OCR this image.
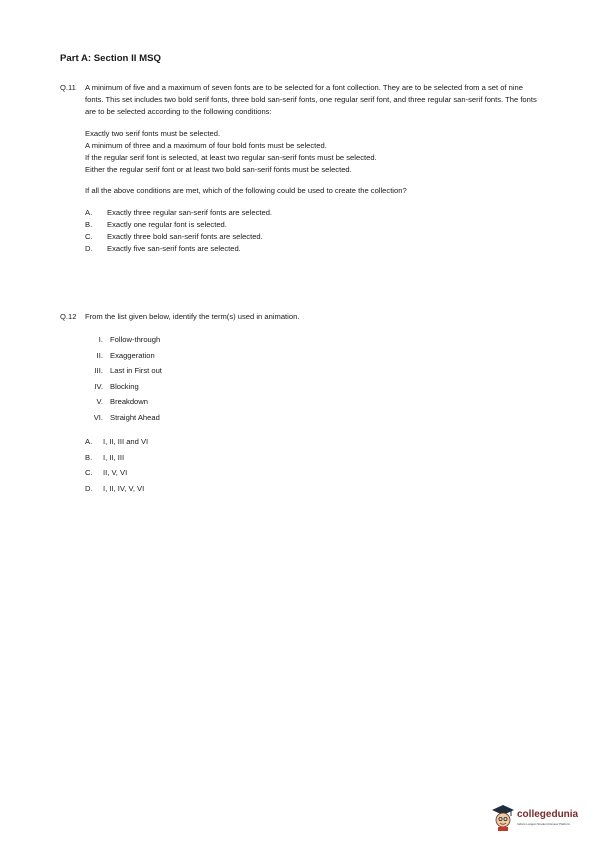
Part A: Section II MSQ
Q.11 A minimum of five and a maximum of seven fonts are to be selected for a font collection. They are to be selected from a set of nine fonts. This set includes two bold serif fonts, three bold san-serif fonts, one regular serif font, and three regular san-serif fonts. The fonts are to be selected according to the following conditions:

Exactly two serif fonts must be selected.

A minimum of three and a maximum of four bold fonts must be selected.

If the regular serif font is selected, at least two regular san-serif fonts must be selected.

Either the regular serif font or at least two bold san-serif fonts must be selected.

If all the above conditions are met, which of the following could be used to create the collection?

A.	Exactly three regular san-serif fonts are selected.
B.	Exactly one regular font is selected.
C.	Exactly three bold san-serif fonts are selected.
D.	Exactly five san-serif fonts are selected.
Q.12 From the list given below, identify the term(s) used in animation.

I. Follow-through
II. Exaggeration
III. Last in First out
IV. Blocking
V. Breakdown
VI. Straight Ahead
A.	I, II, III and VI
B.	I, II, III
C.	II, V, VI
D.	I, II, IV, V, VI
collegedunia
India's Largest Student Review Platform
